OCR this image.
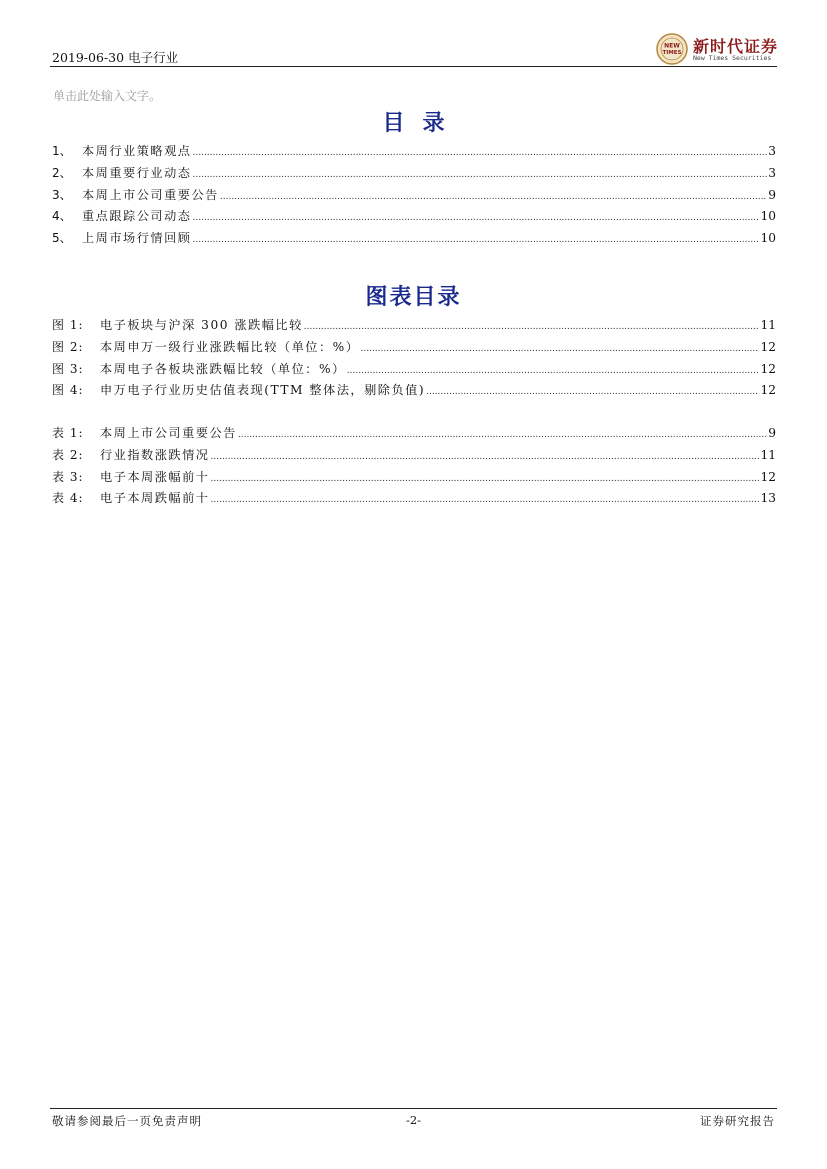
2019-06-30 电子行业
NEW
TIMES 新时代证券
New Times Securities
单击此处输入文字。
目录
1、 本周行业策略观点 .....	3
2、 本周重要行业动态 .....	3
3、 本周上市公司重要公告 .....	9
4、 重点跟踪公司动态 .....	10
5、 上周市场行情回顾 .....	10
图表目录
图 1:	电子板块与沪深 300 涨跌幅比较 .....	11
图 2:	本周申万一级行业涨跌幅比较（单位：%） .....	12
图 3:	本周电子各板块涨跌幅比较（单位：%） .....	12
图 4:	申万电子行业历史估值表现(TTM 整体法，剔除负值) .....	12
表 1:	本周上市公司重要公告 .....	9
表 2:	行业指数涨跌情况 .....	11
表 3:	电子本周涨幅前十 .....	12
表 4:	电子本周跌幅前十 .....	13
敬请参阅最后一页免责声明	-2-	证券研究报告
